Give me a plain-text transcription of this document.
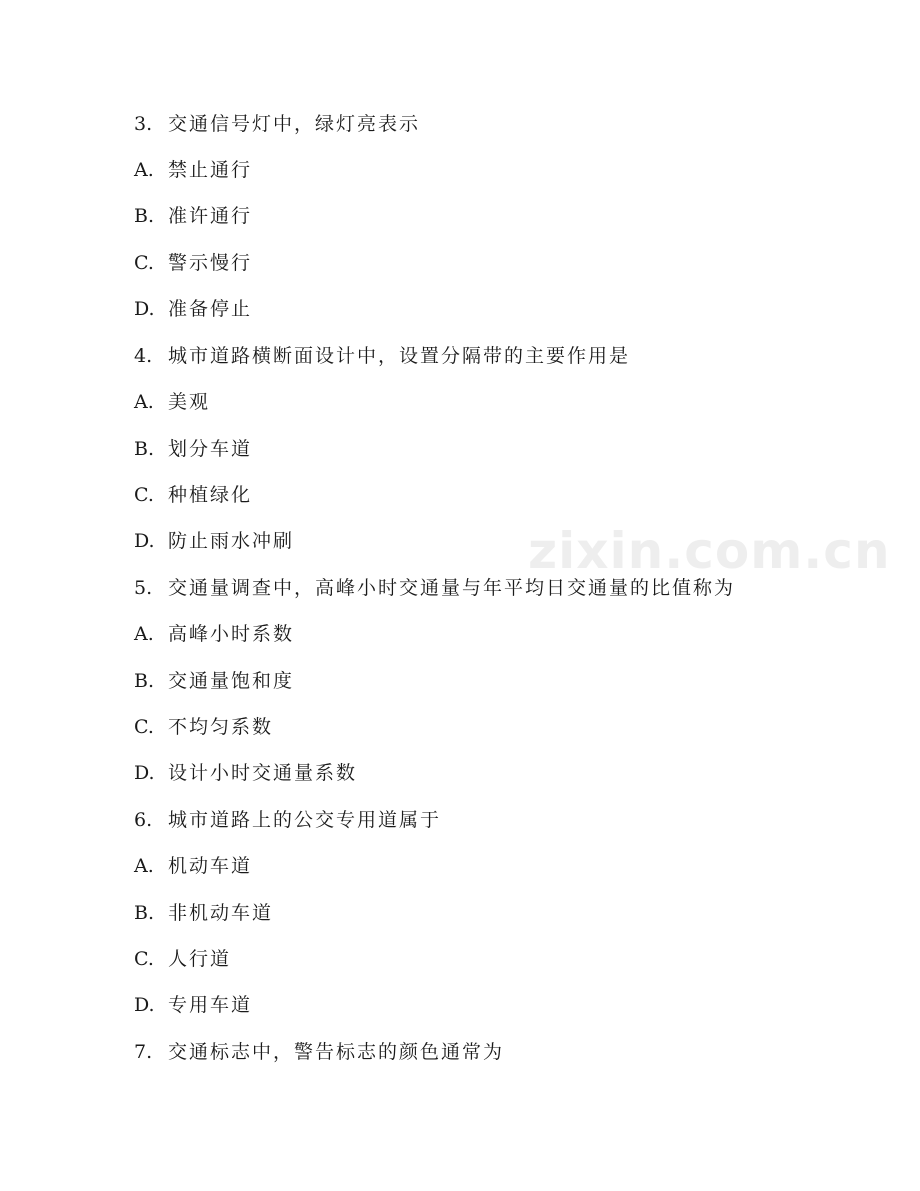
zixin.com.cn
3. 交通信号灯中，绿灯亮表示
A. 禁止通行
B. 准许通行
C. 警示慢行
D. 准备停止
4. 城市道路横断面设计中，设置分隔带的主要作用是
A. 美观
B. 划分车道
C. 种植绿化
D. 防止雨水冲刷
5. 交通量调查中，高峰小时交通量与年平均日交通量的比值称为
A. 高峰小时系数
B. 交通量饱和度
C. 不均匀系数
D. 设计小时交通量系数
6. 城市道路上的公交专用道属于
A. 机动车道
B. 非机动车道
C. 人行道
D. 专用车道
7. 交通标志中，警告标志的颜色通常为
